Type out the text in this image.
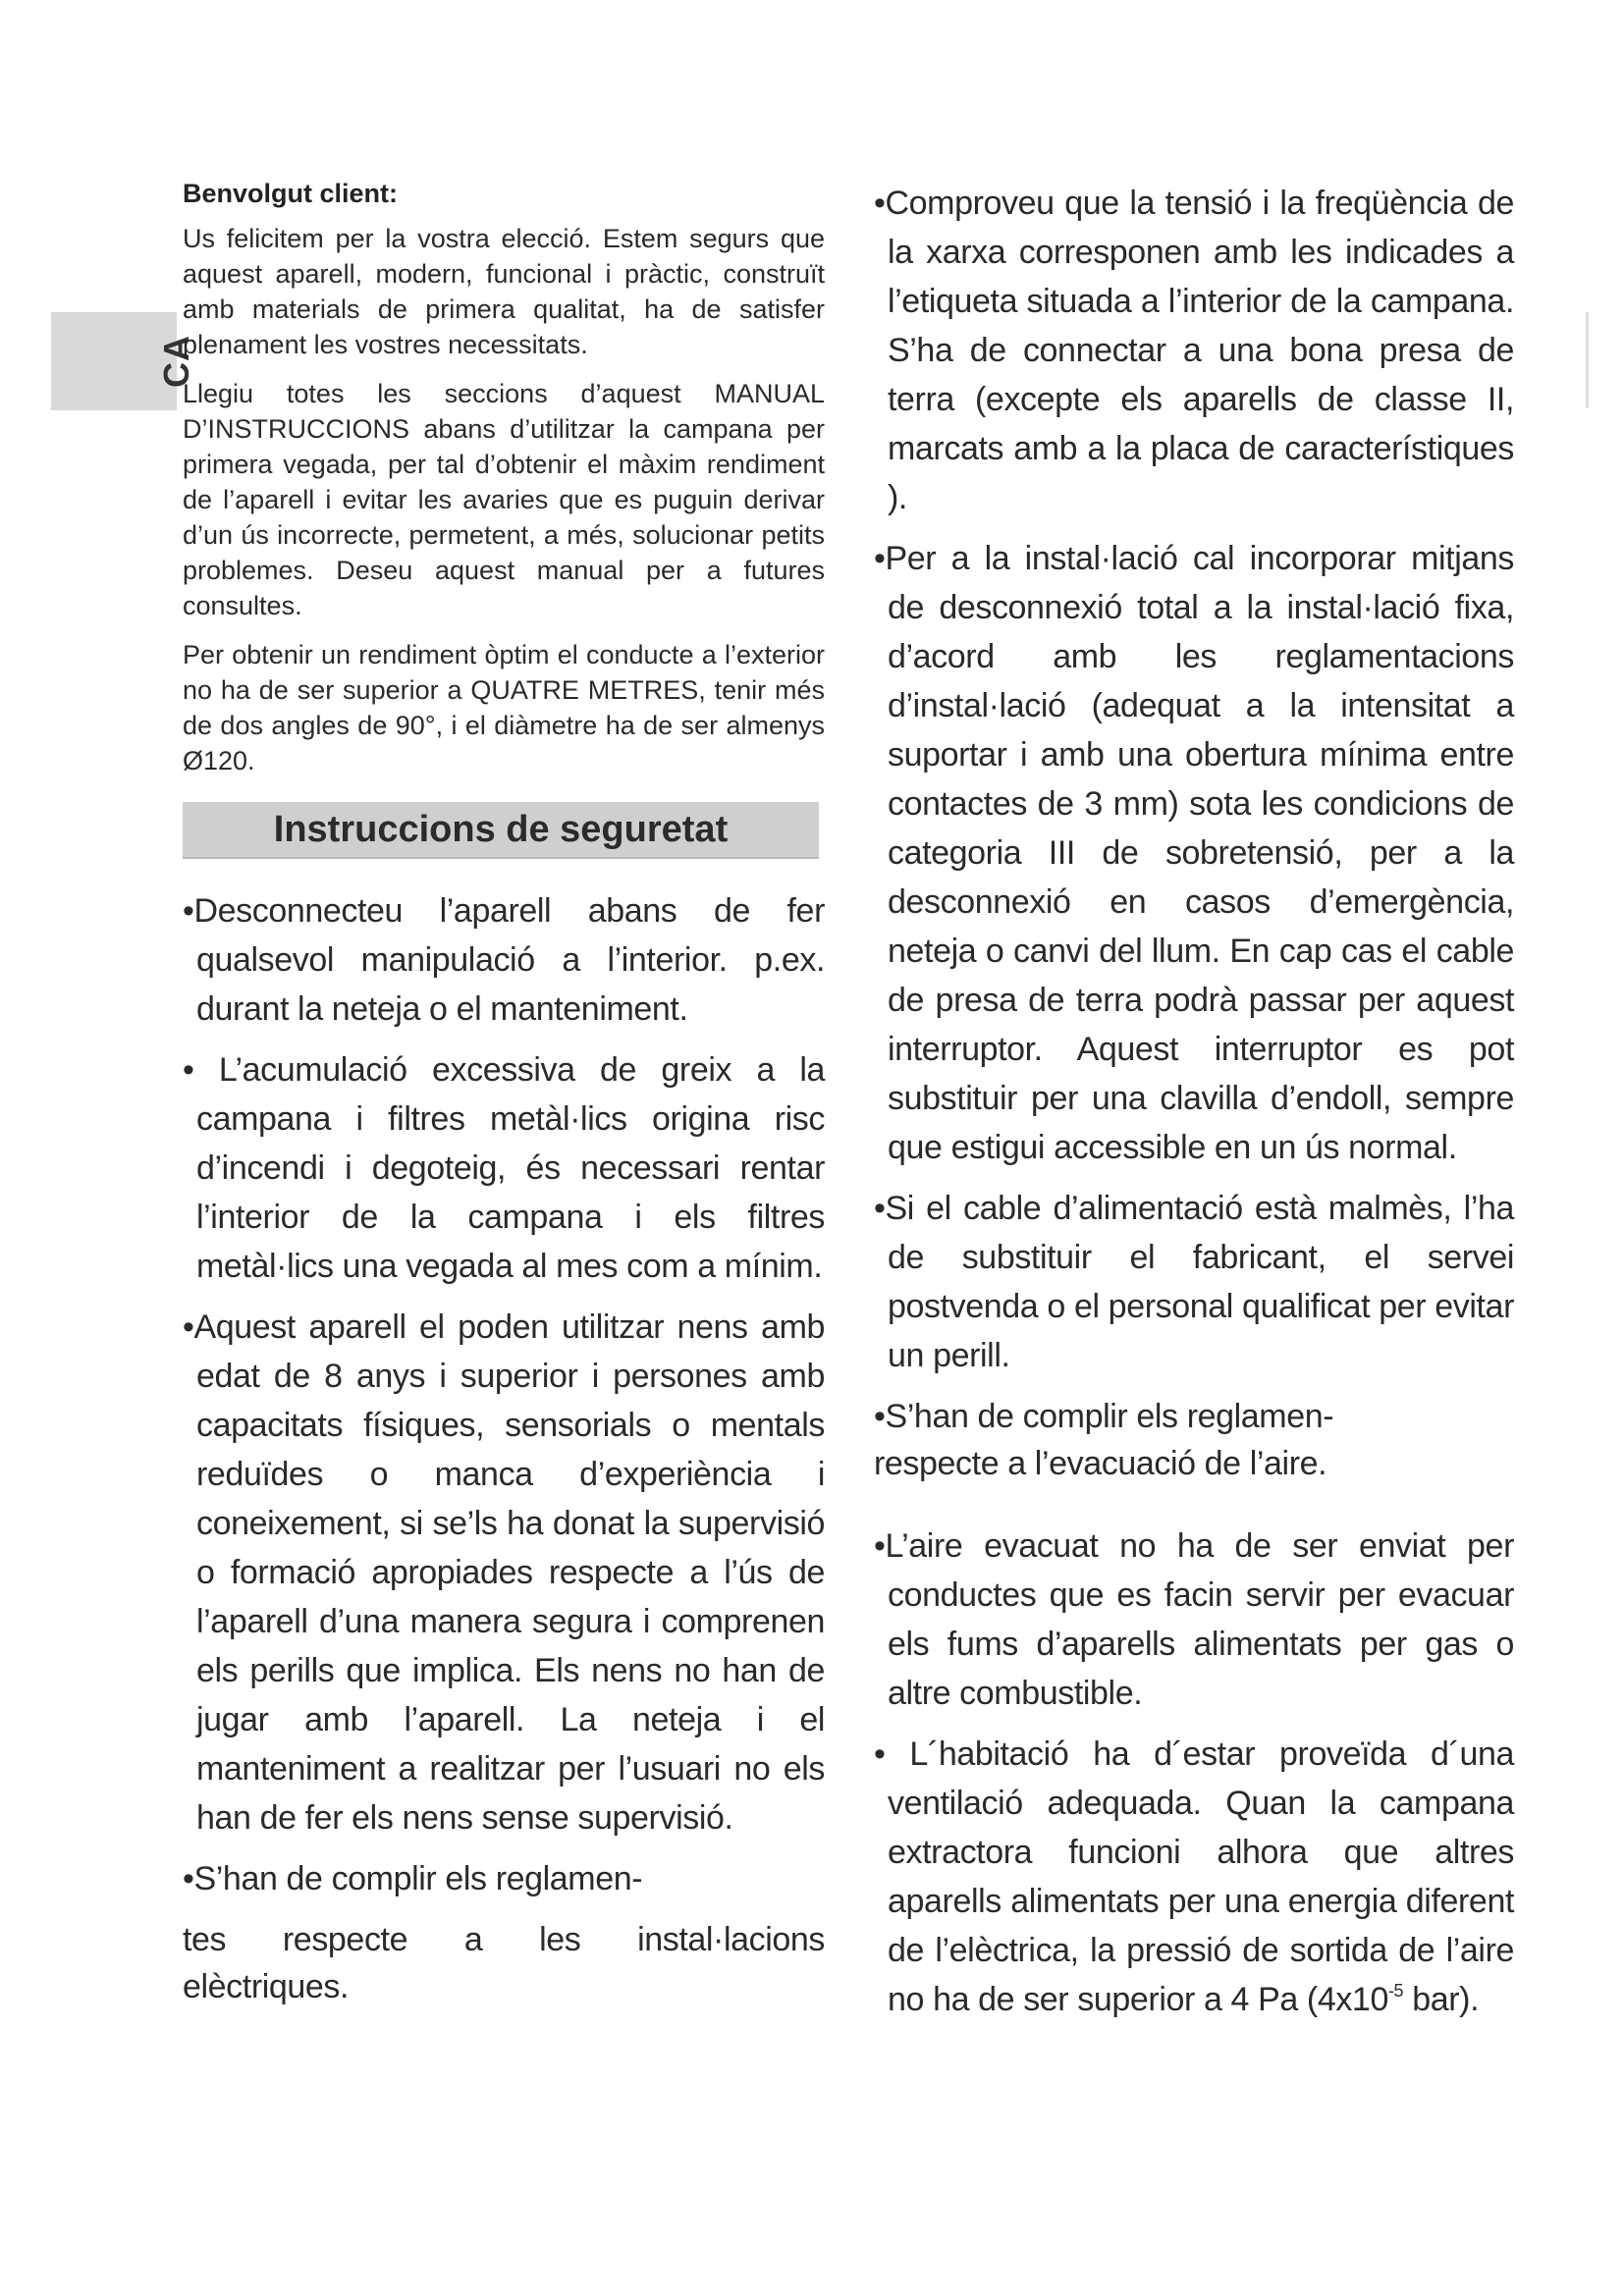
CA

Benvolgut client:

Us felicitem per la vostra elecció. Estem segurs que aquest aparell, modern, funcional i pràctic, construït amb materials de primera qualitat, ha de satisfer plenament les vostres necessitats.

Llegiu totes les seccions d’aquest MANUAL D’INSTRUCCIONS abans d’utilitzar la campana per primera vegada, per tal d’obtenir el màxim rendiment de l’aparell i evitar les avaries que es puguin derivar d’un ús incorrecte, permetent, a més, solucionar petits problemes. Deseu aquest manual per a futures consultes.

Per obtenir un rendiment òptim el conducte a l’exterior no ha de ser superior a QUATRE METRES, tenir més de dos angles de 90°, i el diàmetre ha de ser almenys Ø120.

Instruccions de seguretat

•Desconnecteu l’aparell abans de fer qualsevol manipulació a l’interior. p.ex. durant la neteja o el manteniment.

• L’acumulació excessiva de greix a la campana i filtres metàl·lics origina risc d’incendi i degoteig, és necessari rentar l’interior de la campana i els filtres metàl·lics una vegada al mes com a mínim.

•Aquest aparell el poden utilitzar nens amb edat de 8 anys i superior i persones amb capacitats físiques, sensorials o mentals reduïdes o manca d’experiència i coneixement, si se’ls ha donat la supervisió o formació apropiades respecte a l’ús de l’aparell d’una manera segura i comprenen els perills que implica. Els nens no han de jugar amb l’aparell. La neteja i el manteniment a realitzar per l’usuari no els han de fer els nens sense supervisió.

•S’han de complir els reglamen-

tes respecte a les instal·lacions

elèctriques.

•Comproveu que la tensió i la freqüència de la xarxa corresponen amb les indicades a l’etiqueta situada a l’interior de la campana. S’ha de connectar a una bona presa de terra (excepte els aparells de classe II, marcats amb a la placa de característiques ).

•Per a la instal·lació cal incorporar mitjans de desconnexió total a la instal·lació fixa, d’acord amb les reglamentacions d’instal·lació (adequat a la intensitat a suportar i amb una obertura mínima entre contactes de 3 mm) sota les condicions de categoria III de sobretensió, per a la desconnexió en casos d’emergència, neteja o canvi del llum. En cap cas el cable de presa de terra podrà passar per aquest interruptor. Aquest interruptor es pot substituir per una clavilla d’endoll, sempre que estigui accessible en un ús normal.

•Si el cable d’alimentació està malmès, l’ha de substituir el fabricant, el servei postvenda o el personal qualificat per evitar un perill.

•S’han de complir els reglamen-

respecte a l’evacuació de l’aire.

•L’aire evacuat no ha de ser enviat per conductes que es facin servir per evacuar els fums d’aparells alimentats per gas o altre combustible.

• L´habitació ha d´estar proveïda d´una ventilació adequada. Quan la campana extractora funcioni alhora que altres aparells alimentats per una energia diferent de l’elèctrica, la pressió de sortida de l’aire no ha de ser superior a 4 Pa ($4x10^{-5}$ bar).
